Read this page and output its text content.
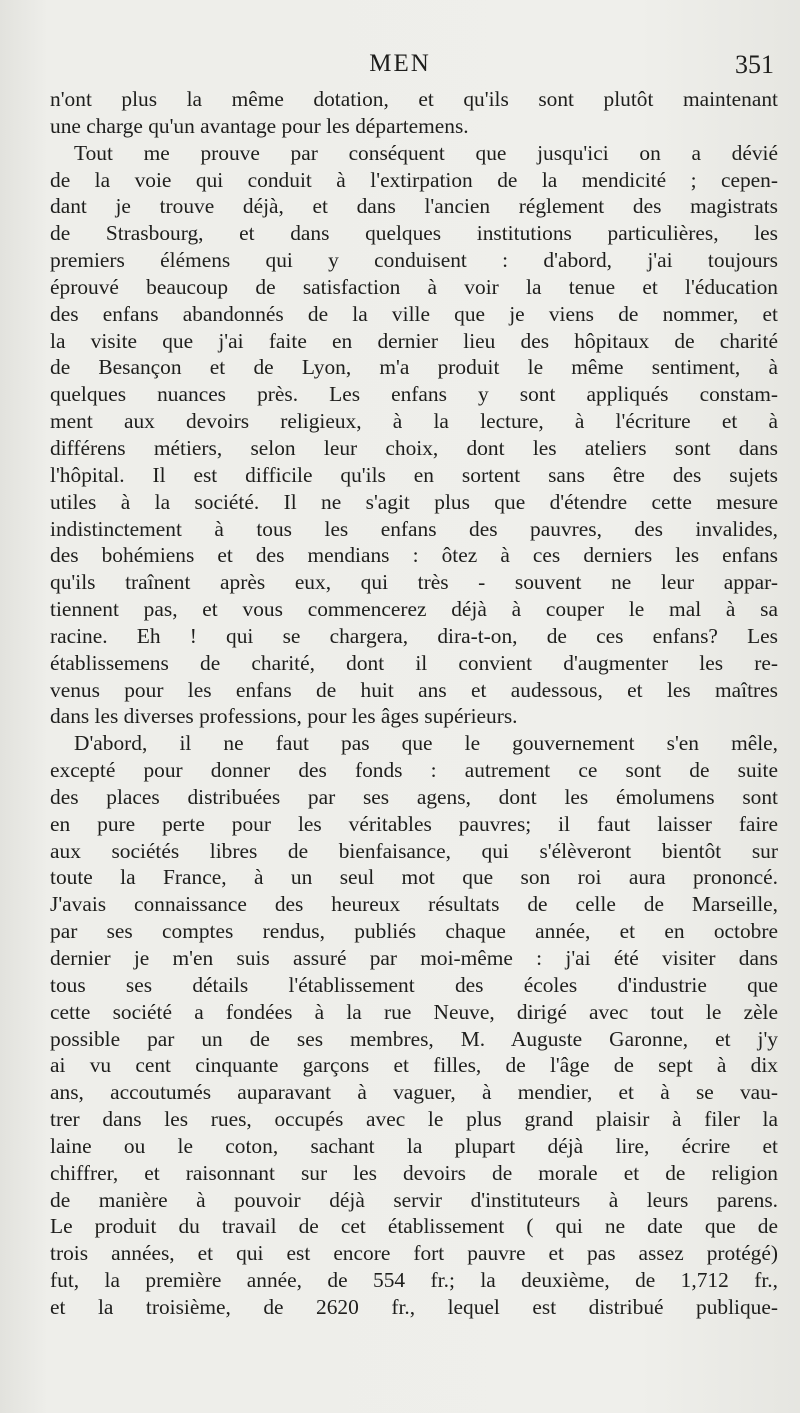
MEN	351
n'ont plus la même dotation, et qu'ils sont plutôt maintenant
une charge qu'un avantage pour les départemens.
Tout me prouve par conséquent que jusqu'ici on a dévié
de la voie qui conduit à l'extirpation de la mendicité ; cepen-
dant je trouve déjà, et dans l'ancien réglement des magistrats
de Strasbourg, et dans quelques institutions particulières, les
premiers élémens qui y conduisent : d'abord, j'ai toujours
éprouvé beaucoup de satisfaction à voir la tenue et l'éducation
des enfans abandonnés de la ville que je viens de nommer, et
la visite que j'ai faite en dernier lieu des hôpitaux de charité
de Besançon et de Lyon, m'a produit le même sentiment, à
quelques nuances près. Les enfans y sont appliqués constam-
ment aux devoirs religieux, à la lecture, à l'écriture et à
différens métiers, selon leur choix, dont les ateliers sont dans
l'hôpital. Il est difficile qu'ils en sortent sans être des sujets
utiles à la société. Il ne s'agit plus que d'étendre cette mesure
indistinctement à tous les enfans des pauvres, des invalides,
des bohémiens et des mendians : ôtez à ces derniers les enfans
qu'ils traînent après eux, qui très - souvent ne leur appar-
tiennent pas, et vous commencerez déjà à couper le mal à sa
racine. Eh ! qui se chargera, dira-t-on, de ces enfans? Les
établissemens de charité, dont il convient d'augmenter les re-
venus pour les enfans de huit ans et audessous, et les maîtres
dans les diverses professions, pour les âges supérieurs.
D'abord, il ne faut pas que le gouvernement s'en mêle,
excepté pour donner des fonds : autrement ce sont de suite
des places distribuées par ses agens, dont les émolumens sont
en pure perte pour les véritables pauvres; il faut laisser faire
aux sociétés libres de bienfaisance, qui s'élèveront bientôt sur
toute la France, à un seul mot que son roi aura prononcé.
J'avais connaissance des heureux résultats de celle de Marseille,
par ses comptes rendus, publiés chaque année, et en octobre
dernier je m'en suis assuré par moi-même : j'ai été visiter dans
tous ses détails l'établissement des écoles d'industrie que
cette société a fondées à la rue Neuve, dirigé avec tout le zèle
possible par un de ses membres, M. Auguste Garonne, et j'y
ai vu cent cinquante garçons et filles, de l'âge de sept à dix
ans, accoutumés auparavant à vaguer, à mendier, et à se vau-
trer dans les rues, occupés avec le plus grand plaisir à filer la
laine ou le coton, sachant la plupart déjà lire, écrire et
chiffrer, et raisonnant sur les devoirs de morale et de religion
de manière à pouvoir déjà servir d'instituteurs à leurs parens.
Le produit du travail de cet établissement ( qui ne date que de
trois années, et qui est encore fort pauvre et pas assez protégé)
fut, la première année, de 554 fr.; la deuxième, de 1,712 fr.,
et la troisième, de 2620 fr., lequel est distribué publique-
